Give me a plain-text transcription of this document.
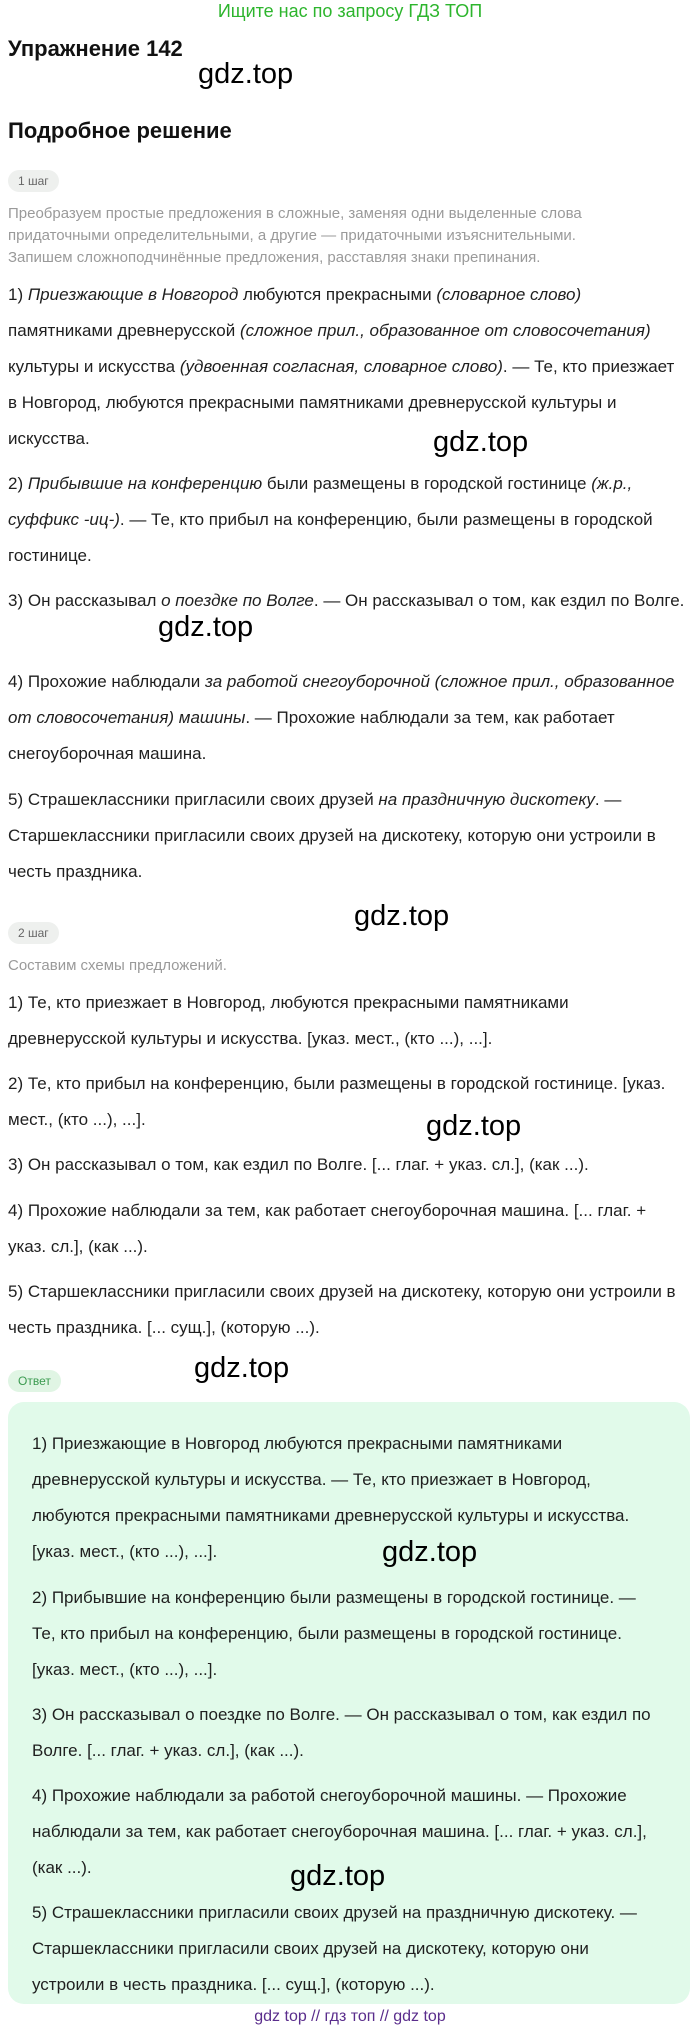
Ищите нас по запросу ГДЗ ТОП
Упражнение 142
gdz.top
Подробное решение
1 шаг
Преобразуем простые предложения в сложные, заменяя одни выделенные слова
придаточными определительными, а другие — придаточными изъяснительными.
Запишем сложноподчинённые предложения, расставляя знаки препинания.
1) Приезжающие в Новгород любуются прекрасными (словарное слово) памятниками древнерусской (сложное прил., образованное от словосочетания) культуры и искусства (удвоенная согласная, словарное слово). — Те, кто приезжает в Новгород, любуются прекрасными памятниками древнерусской культуры и искусства.	gdz.top
2) Прибывшие на конференцию были размещены в городской гостинице (ж.р., суффикс -иц-). — Те, кто прибыл на конференцию, были размещены в городской гостинице.
3) Он рассказывал о поездке по Волге. — Он рассказывал о том, как ездил по Волге.
gdz.top
4) Прохожие наблюдали за работой снегоуборочной (сложное прил., образованное от словосочетания) машины. — Прохожие наблюдали за тем, как работает снегоуборочная машина.
5) Страшеклассники пригласили своих друзей на праздничную дискотеку. — Старшеклассники пригласили своих друзей на дискотеку, которую они устроили в честь праздника.
2 шаг
gdz.top
Составим схемы предложений.
1) Те, кто приезжает в Новгород, любуются прекрасными памятниками древнерусской культуры и искусства. [указ. мест., (кто ...), ...].
2) Те, кто прибыл на конференцию, были размещены в городской гостинице. [указ. мест., (кто ...), ...].	gdz.top
3) Он рассказывал о том, как ездил по Волге. [... глаг. + указ. сл.], (как ...).
4) Прохожие наблюдали за тем, как работает снегоуборочная машина. [... глаг. + указ. сл.], (как ...).
5) Старшеклассники пригласили своих друзей на дискотеку, которую они устроили в честь праздника. [... сущ.], (которую ...).
Ответ	gdz.top
1) Приезжающие в Новгород любуются прекрасными памятниками древнерусской культуры и искусства. — Те, кто приезжает в Новгород, любуются прекрасными памятниками древнерусской культуры и искусства. [указ. мест., (кто ...), ...].	gdz.top
2) Прибывшие на конференцию были размещены в городской гостинице. — Те, кто прибыл на конференцию, были размещены в городской гостинице. [указ. мест., (кто ...), ...].
3) Он рассказывал о поездке по Волге. — Он рассказывал о том, как ездил по Волге. [... глаг. + указ. сл.], (как ...).
4) Прохожие наблюдали за работой снегоуборочной машины. — Прохожие наблюдали за тем, как работает снегоуборочная машина. [... глаг. + указ. сл.], (как ...).	gdz.top
5) Страшеклассники пригласили своих друзей на праздничную дискотеку. — Старшеклассники пригласили своих друзей на дискотеку, которую они устроили в честь праздника. [... сущ.], (которую ...).
gdz top // гдз топ // gdz top
